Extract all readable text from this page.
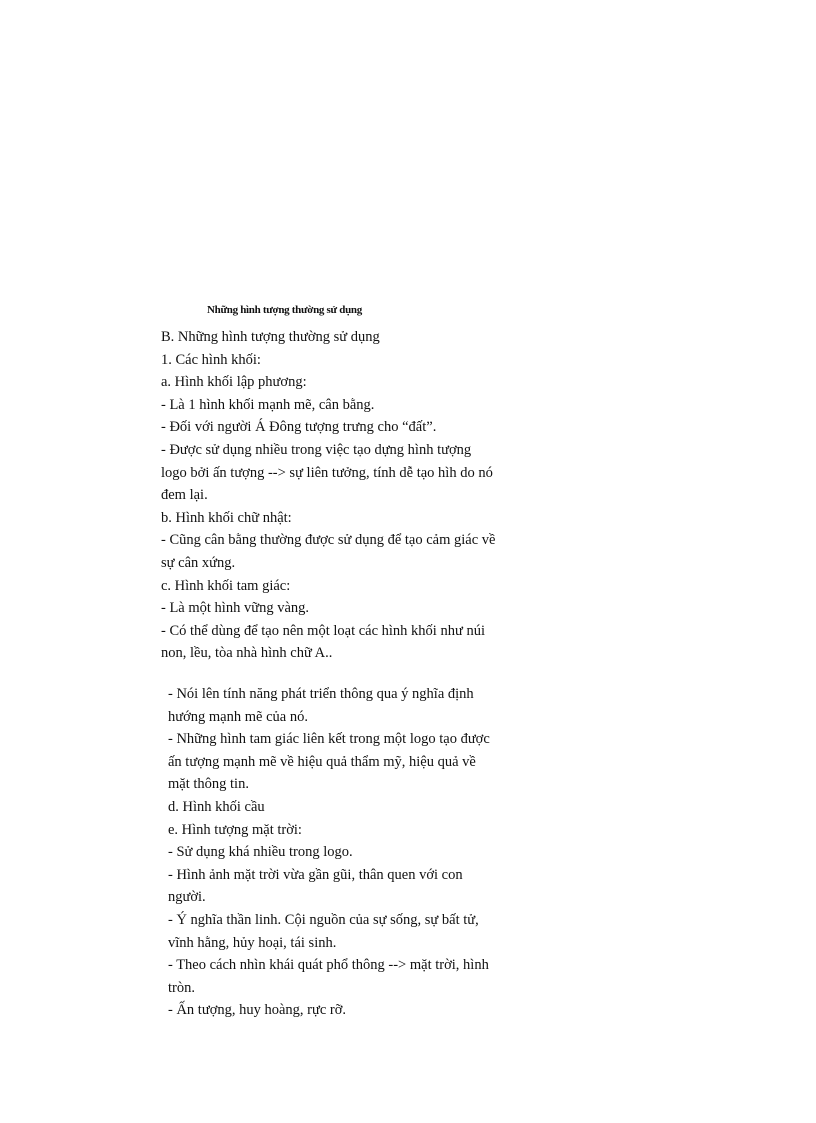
Những hình tượng thường sử dụng
B. Những hình tượng thường sử dụng
1. Các hình khối:
a. Hình khối lập phương:
- Là 1 hình khối mạnh mẽ, cân bằng.
- Đối với người Á Đông tượng trưng cho “đất”.
- Được sử dụng nhiều trong việc tạo dựng hình tượng
logo bởi ấn tượng --> sự liên tưởng, tính dễ tạo hìh do nó
đem lại.
b. Hình khối chữ nhật:
- Cũng cân bằng thường được sử dụng để tạo cảm giác về
sự cân xứng.
c. Hình khối tam giác:
- Là một hình vững vàng.
- Có thể dùng để tạo nên một loạt các hình khối như núi
non, lều, tòa nhà hình chữ A..
- Nói lên tính năng phát triển thông qua ý nghĩa định
hướng mạnh mẽ của nó.
- Những hình tam giác liên kết trong một logo tạo được
ấn tượng mạnh mẽ về hiệu quả thẩm mỹ, hiệu quả về
mặt thông tin.
d. Hình khối cầu
e. Hình tượng mặt trời:
- Sử dụng khá nhiều trong logo.
- Hình ảnh mặt trời vừa gần gũi, thân quen với con
người.
- Ý nghĩa thần linh. Cội nguồn của sự sống, sự bất tử,
vĩnh hằng, hủy hoại, tái sinh.
- Theo cách nhìn khái quát phổ thông --> mặt trời, hình
tròn.
- Ấn tượng, huy hoàng, rực rỡ.
